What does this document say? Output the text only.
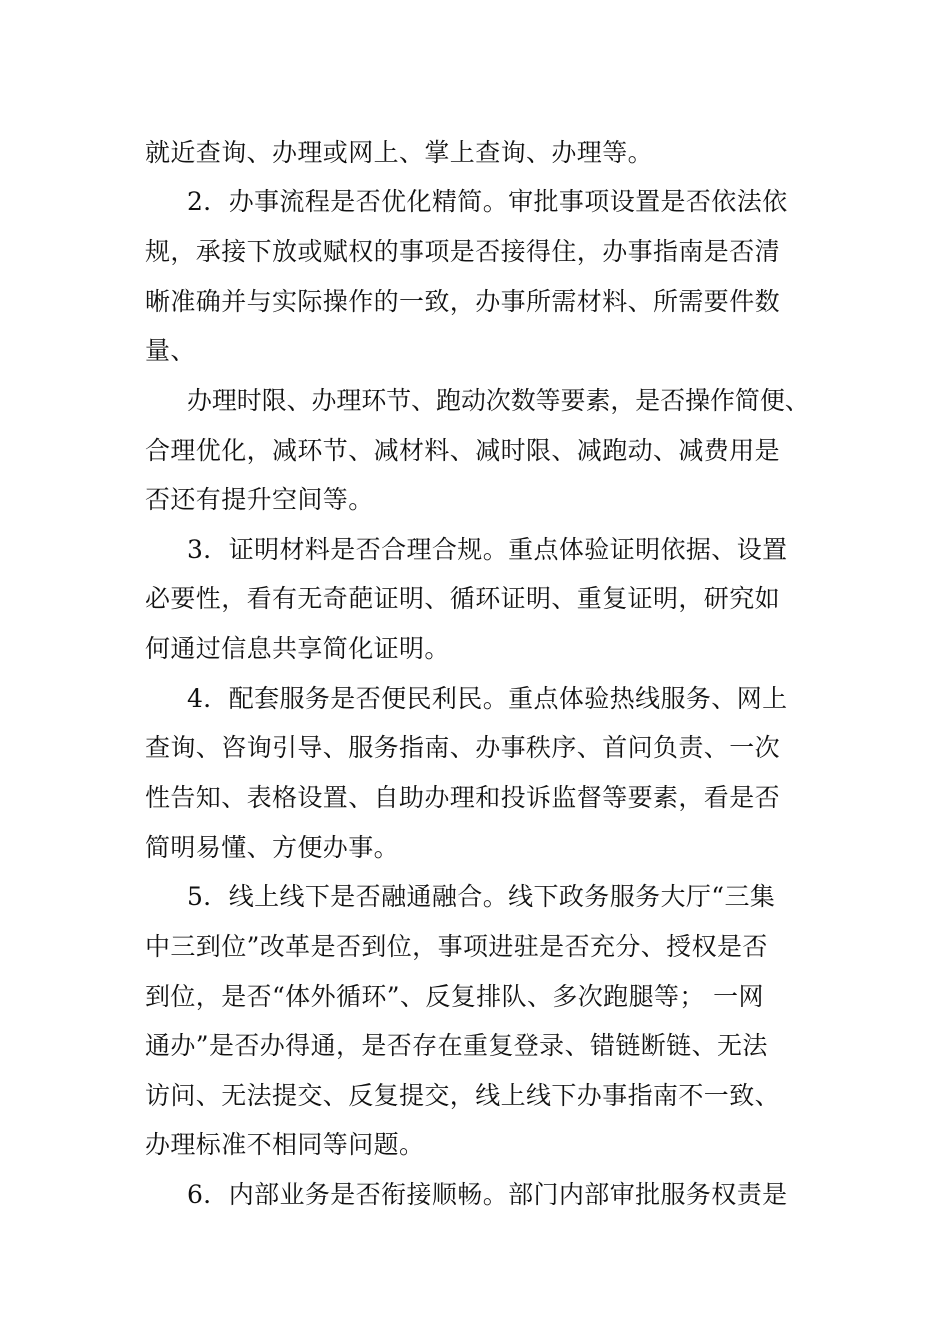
就近查询、办理或网上、掌上查询、办理等。
2．办事流程是否优化精简。审批事项设置是否依法依
规，承接下放或赋权的事项是否接得住，办事指南是否清
晰准确并与实际操作的一致，办事所需材料、所需要件数
量、
办理时限、办理环节、跑动次数等要素，是否操作简便、
合理优化，减环节、减材料、减时限、减跑动、减费用是
否还有提升空间等。
3．证明材料是否合理合规。重点体验证明依据、设置
必要性，看有无奇葩证明、循环证明、重复证明，研究如
何通过信息共享简化证明。
4．配套服务是否便民利民。重点体验热线服务、网上
查询、咨询引导、服务指南、办事秩序、首问负责、一次
性告知、表格设置、自助办理和投诉监督等要素，看是否
简明易懂、方便办事。
5．线上线下是否融通融合。线下政务服务大厅“三集
中三到位”改革是否到位，事项进驻是否充分、授权是否
到位，是否“体外循环”、反复排队、多次跑腿等； 一网
通办”是否办得通，是否存在重复登录、错链断链、无法
访问、无法提交、反复提交，线上线下办事指南不一致、
办理标准不相同等问题。
6．内部业务是否衔接顺畅。部门内部审批服务权责是
